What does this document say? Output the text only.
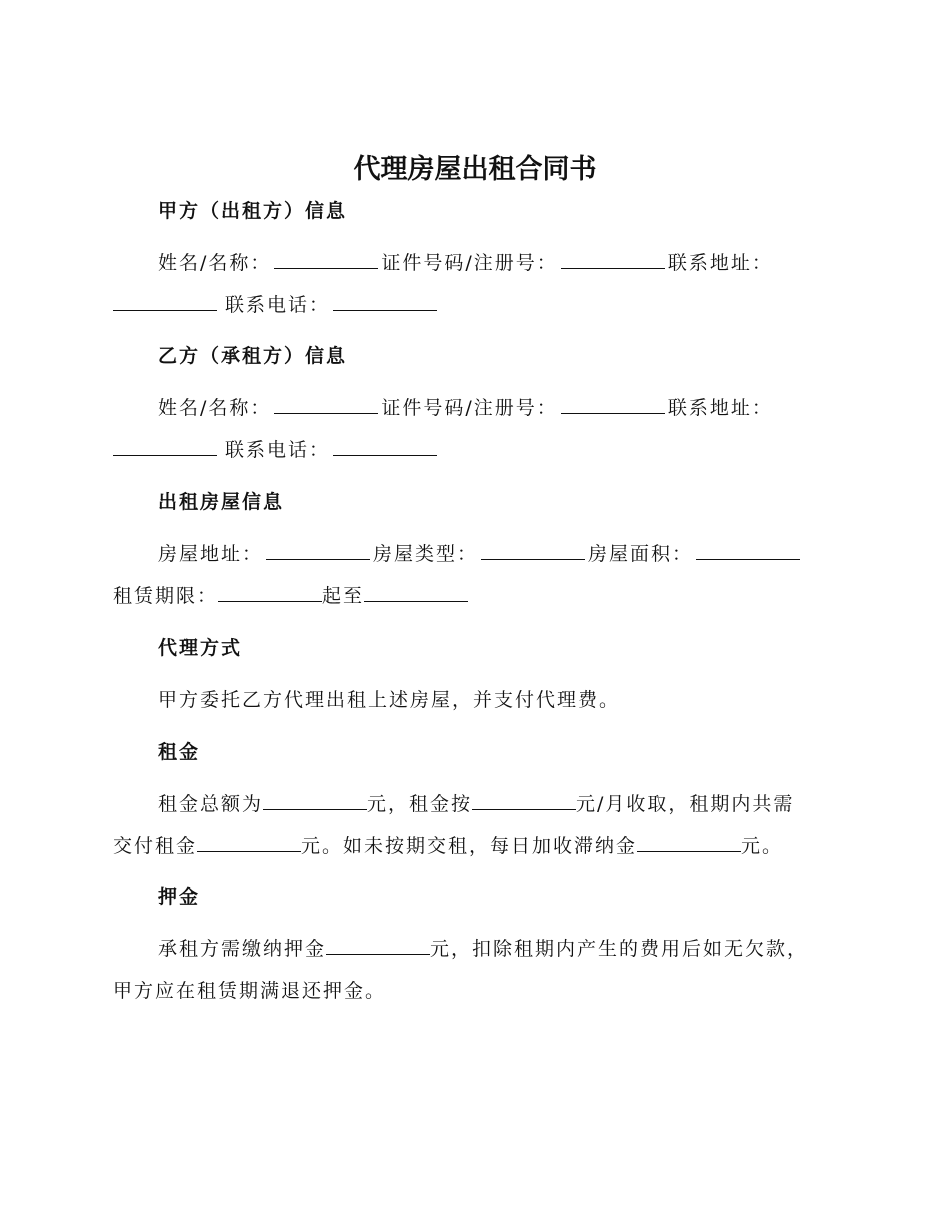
代理房屋出租合同书
甲方（出租方）信息
姓名/名称：	证件号码/注册号：	联系地址：
联系电话：
乙方（承租方）信息
姓名/名称：	证件号码/注册号：	联系地址：
联系电话：
出租房屋信息
房屋地址：	房屋类型：	房屋面积：
租赁期限：	起至
代理方式
甲方委托乙方代理出租上述房屋，并支付代理费。
租金
租金总额为	元，租金按	元/月收取，租期内共需
交付租金	元。如未按期交租，每日加收滞纳金	元。
押金
承租方需缴纳押金	元，扣除租期内产生的费用后如无欠款，
甲方应在租赁期满退还押金。
